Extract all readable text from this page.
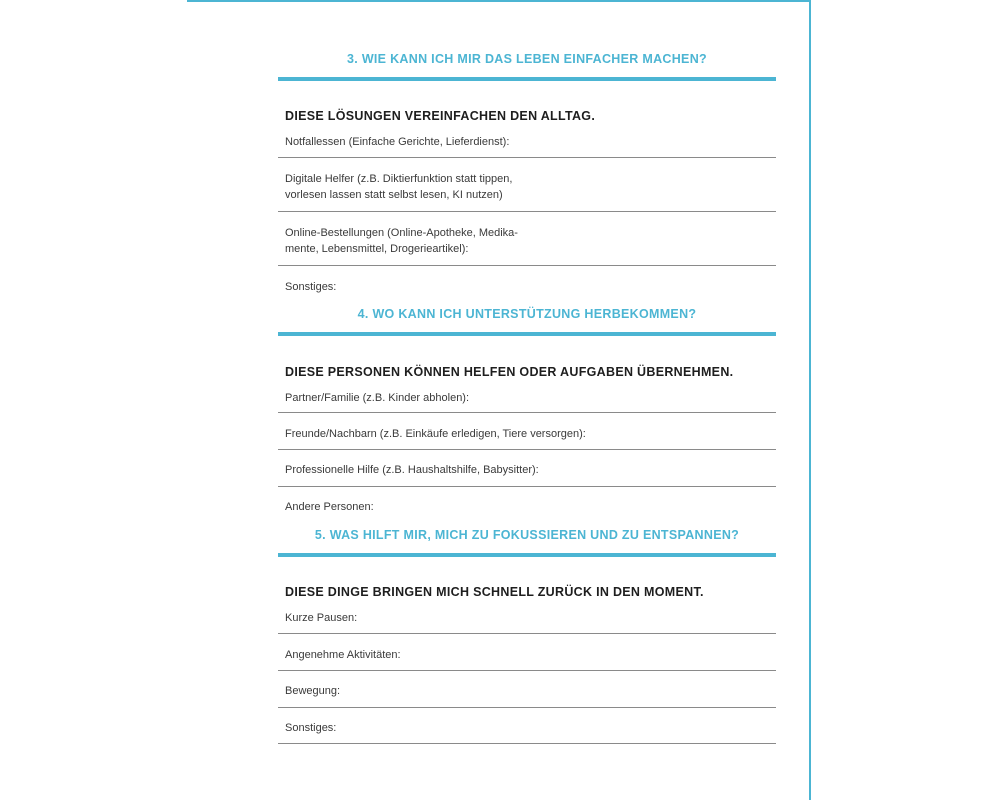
3. WIE KANN ICH MIR DAS LEBEN EINFACHER MACHEN?
DIESE LÖSUNGEN VEREINFACHEN DEN ALLTAG.
Notfallessen (Einfache Gerichte, Lieferdienst):
Digitale Helfer (z.B. Diktierfunktion statt tippen,
vorlesen lassen statt selbst lesen, KI nutzen)
Online-Bestellungen (Online-Apotheke, Medika-
mente, Lebensmittel, Drogerieartikel):
Sonstiges:
4. WO KANN ICH UNTERSTÜTZUNG HERBEKOMMEN?
DIESE PERSONEN KÖNNEN HELFEN ODER AUFGABEN ÜBERNEHMEN.
Partner/Familie (z.B. Kinder abholen):
Freunde/Nachbarn (z.B. Einkäufe erledigen, Tiere versorgen):
Professionelle Hilfe (z.B. Haushaltshilfe, Babysitter):
Andere Personen:
5. WAS HILFT MIR, MICH ZU FOKUSSIEREN UND ZU ENTSPANNEN?
DIESE DINGE BRINGEN MICH SCHNELL ZURÜCK IN DEN MOMENT.
Kurze Pausen:
Angenehme Aktivitäten:
Bewegung:
Sonstiges:
